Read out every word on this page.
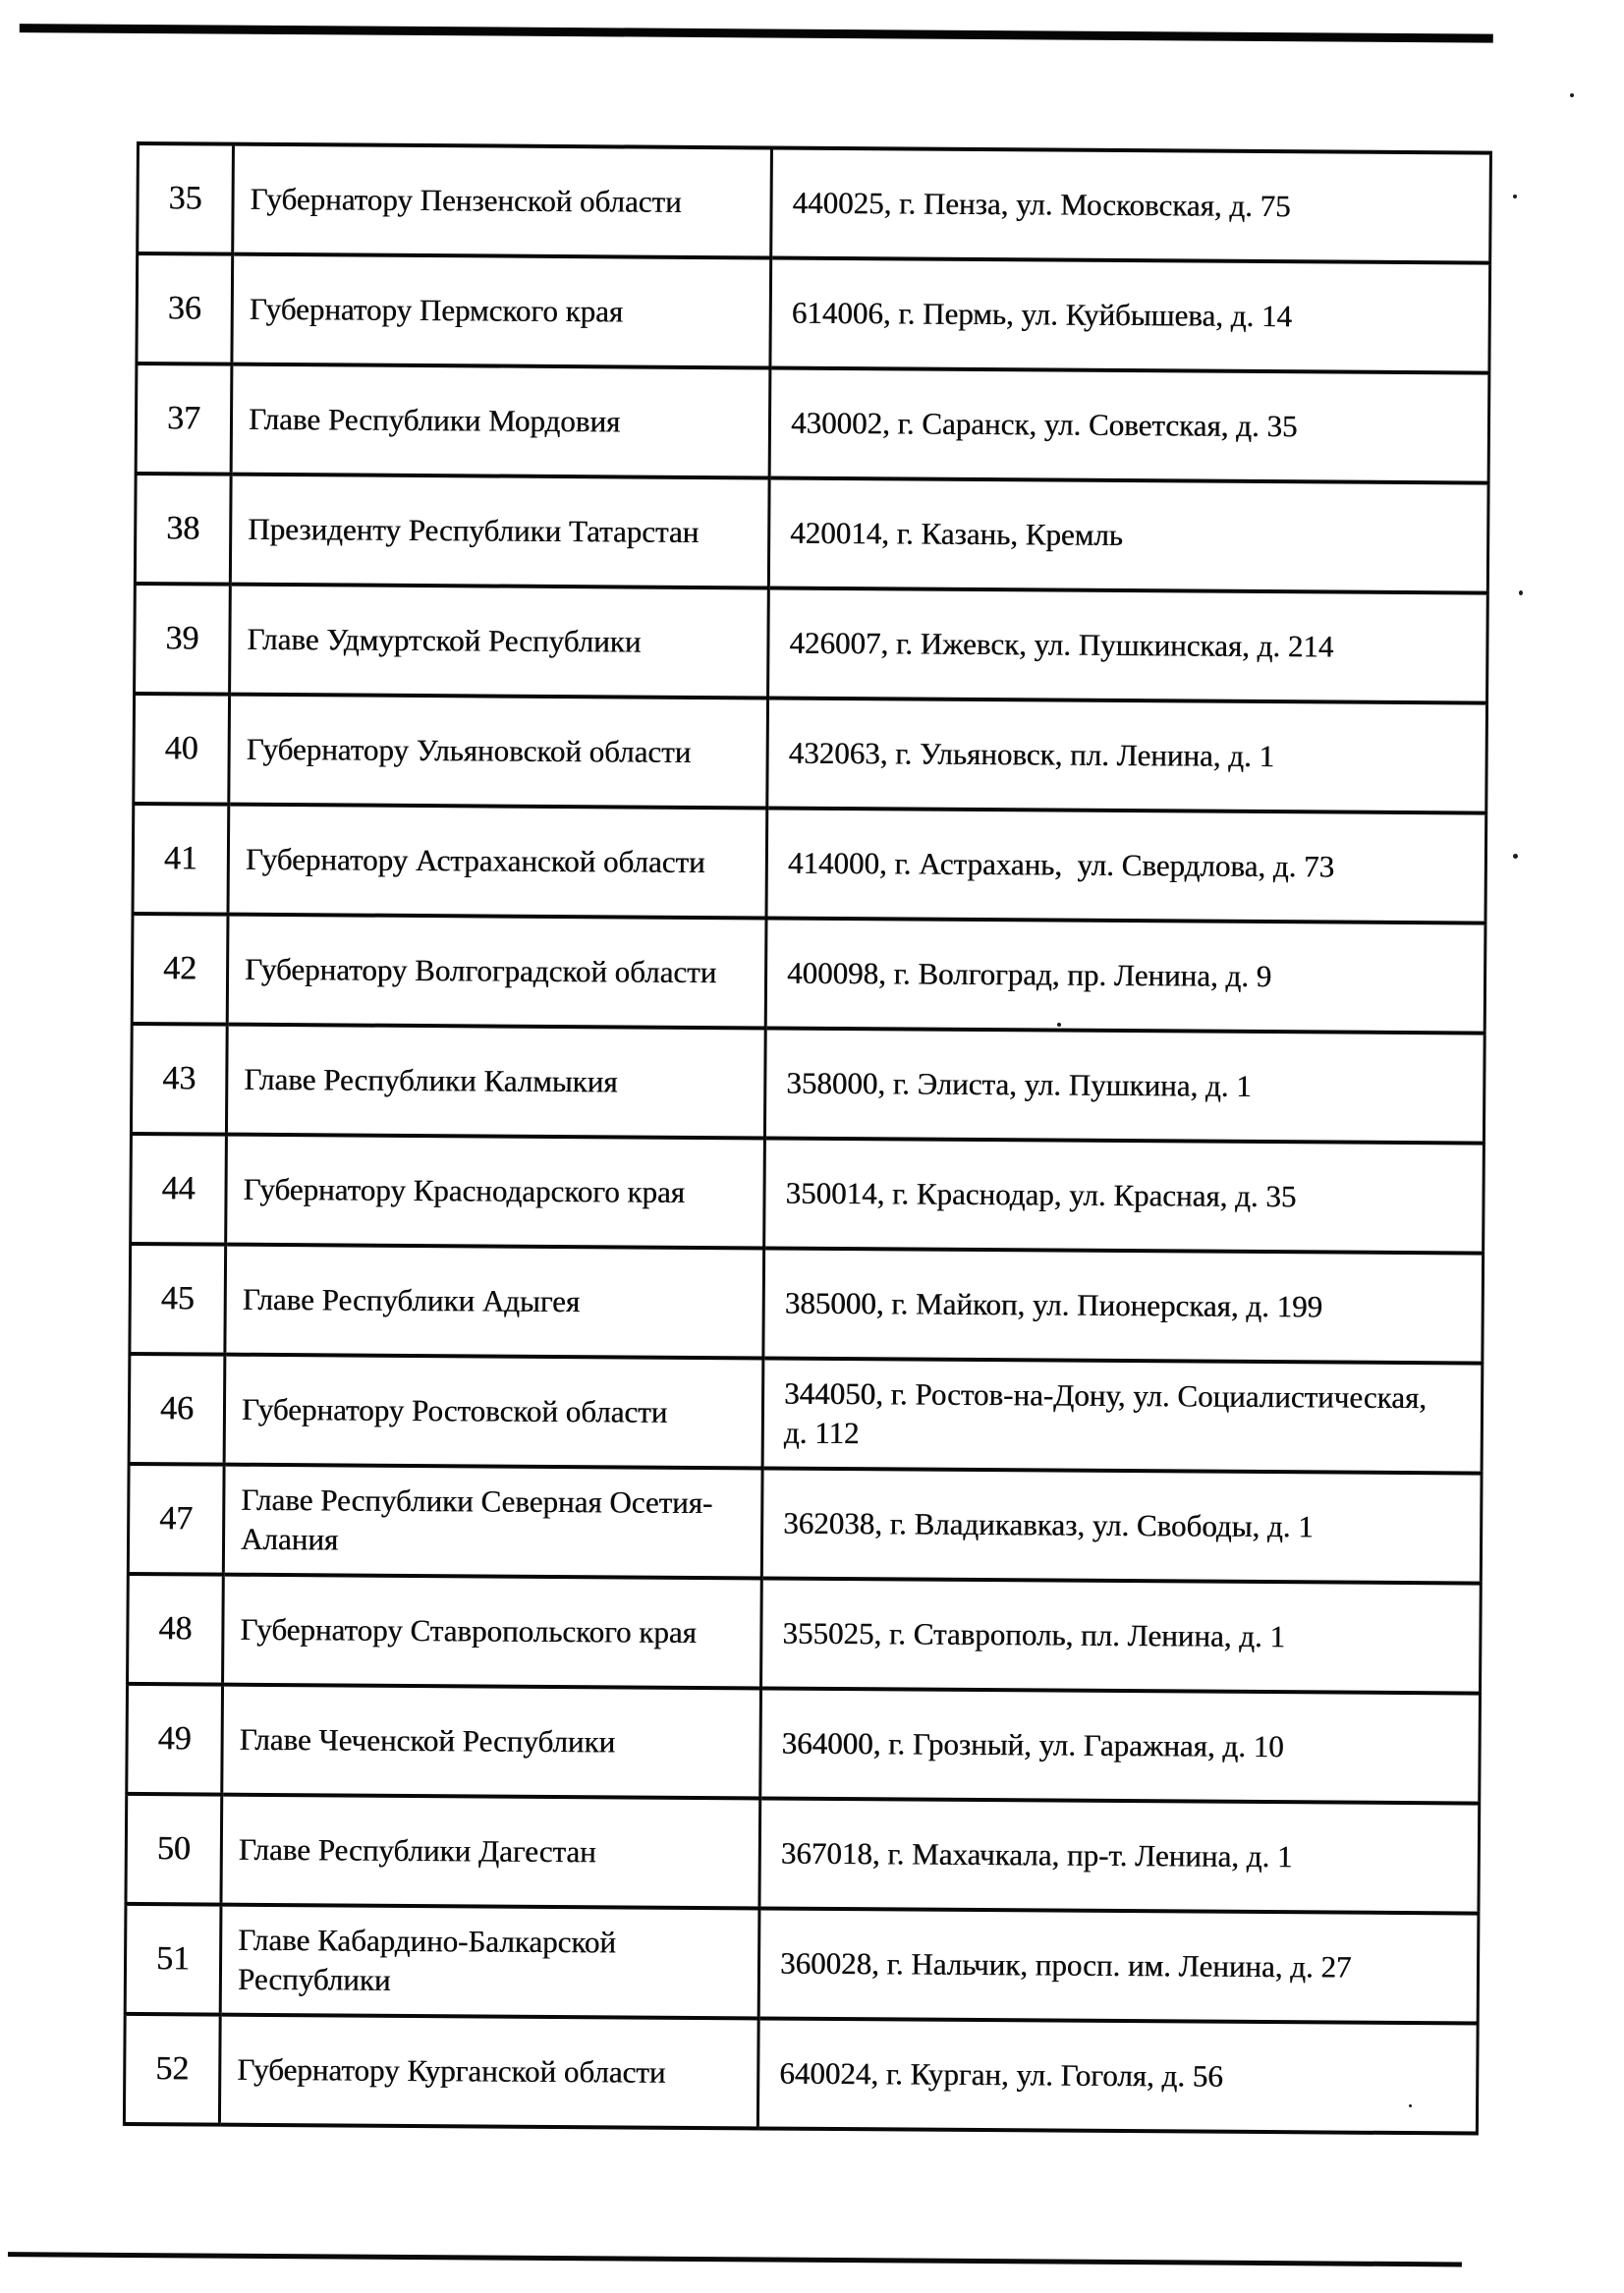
35	Губернатору Пензенской области	440025, г. Пенза, ул. Московская, д. 75
36	Губернатору Пермского края	614006, г. Пермь, ул. Куйбышева, д. 14
37	Главе Республики Мордовия	430002, г. Саранск, ул. Советская, д. 35
38	Президенту Республики Татарстан	420014, г. Казань, Кремль
39	Главе Удмуртской Республики	426007, г. Ижевск, ул. Пушкинская, д. 214
40	Губернатору Ульяновской области	432063, г. Ульяновск, пл. Ленина, д. 1
41	Губернатору Астраханской области	414000, г. Астрахань,  ул. Свердлова, д. 73
42	Губернатору Волгоградской области	400098, г. Волгоград, пр. Ленина, д. 9
43	Главе Республики Калмыкия	358000, г. Элиста, ул. Пушкина, д. 1
44	Губернатору Краснодарского края	350014, г. Краснодар, ул. Красная, д. 35
45	Главе Республики Адыгея	385000, г. Майкоп, ул. Пионерская, д. 199
46	Губернатору Ростовской области	344050, г. Ростов-на-Дону, ул. Социалистическая,
д. 112
47	Главе Республики Северная Осетия-
Алания	362038, г. Владикавказ, ул. Свободы, д. 1
48	Губернатору Ставропольского края	355025, г. Ставрополь, пл. Ленина, д. 1
49	Главе Чеченской Республики	364000, г. Грозный, ул. Гаражная, д. 10
50	Главе Республики Дагестан	367018, г. Махачкала, пр-т. Ленина, д. 1
51	Главе Кабардино-Балкарской
Республики	360028, г. Нальчик, просп. им. Ленина, д. 27
52	Губернатору Курганской области	640024, г. Курган, ул. Гоголя, д. 56
